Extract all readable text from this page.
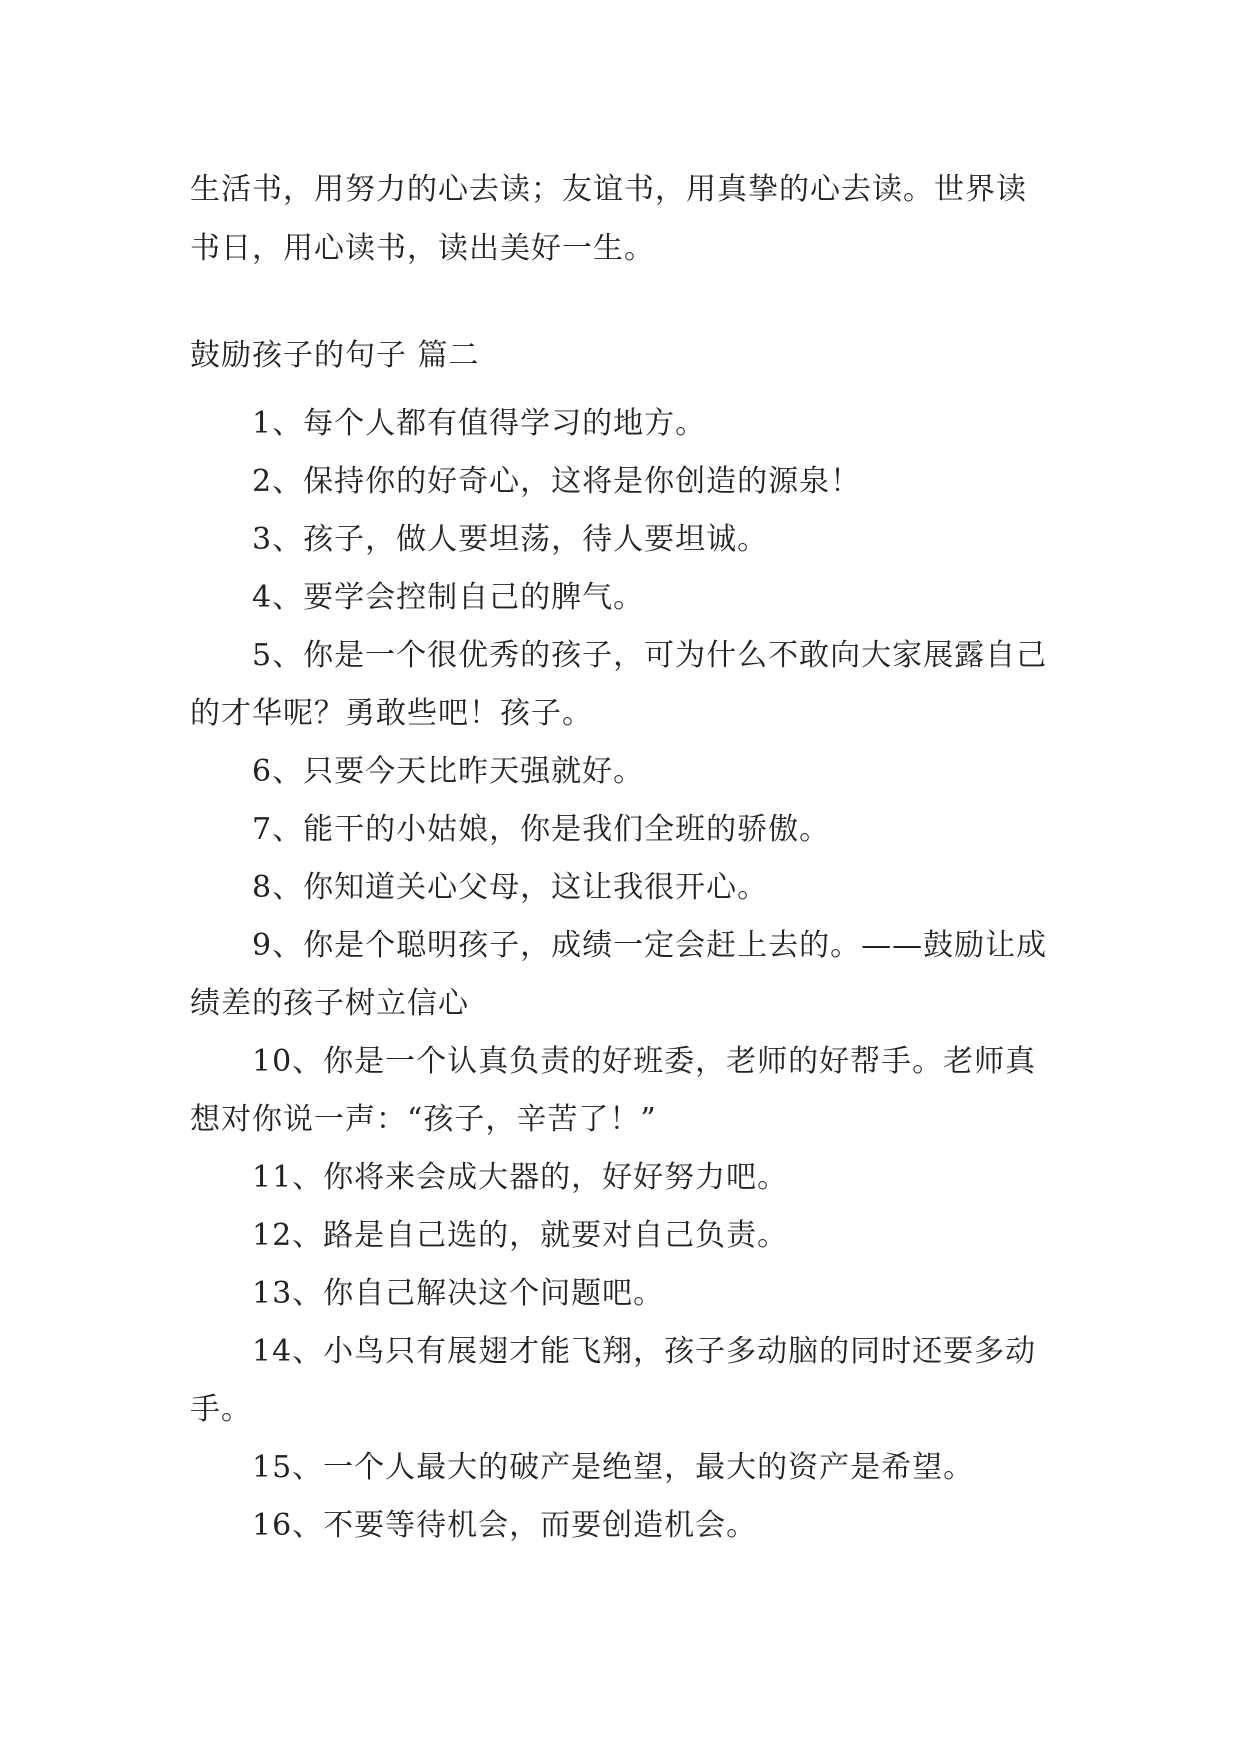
生活书，用努力的心去读；友谊书，用真挚的心去读。世界读书日，用心读书，读出美好一生。

鼓励孩子的句子 篇二

1、每个人都有值得学习的地方。

2、保持你的好奇心，这将是你创造的源泉！

3、孩子，做人要坦荡，待人要坦诚。

4、要学会控制自己的脾气。

5、你是一个很优秀的孩子，可为什么不敢向大家展露自己的才华呢？勇敢些吧！孩子。

6、只要今天比昨天强就好。

7、能干的小姑娘，你是我们全班的骄傲。

8、你知道关心父母，这让我很开心。

9、你是个聪明孩子，成绩一定会赶上去的。——鼓励让成绩差的孩子树立信心

10、你是一个认真负责的好班委，老师的好帮手。老师真想对你说一声：“孩子，辛苦了！”

11、你将来会成大器的，好好努力吧。

12、路是自己选的，就要对自己负责。

13、你自己解决这个问题吧。

14、小鸟只有展翅才能飞翔，孩子多动脑的同时还要多动手。

15、一个人最大的破产是绝望，最大的资产是希望。

16、不要等待机会，而要创造机会。
